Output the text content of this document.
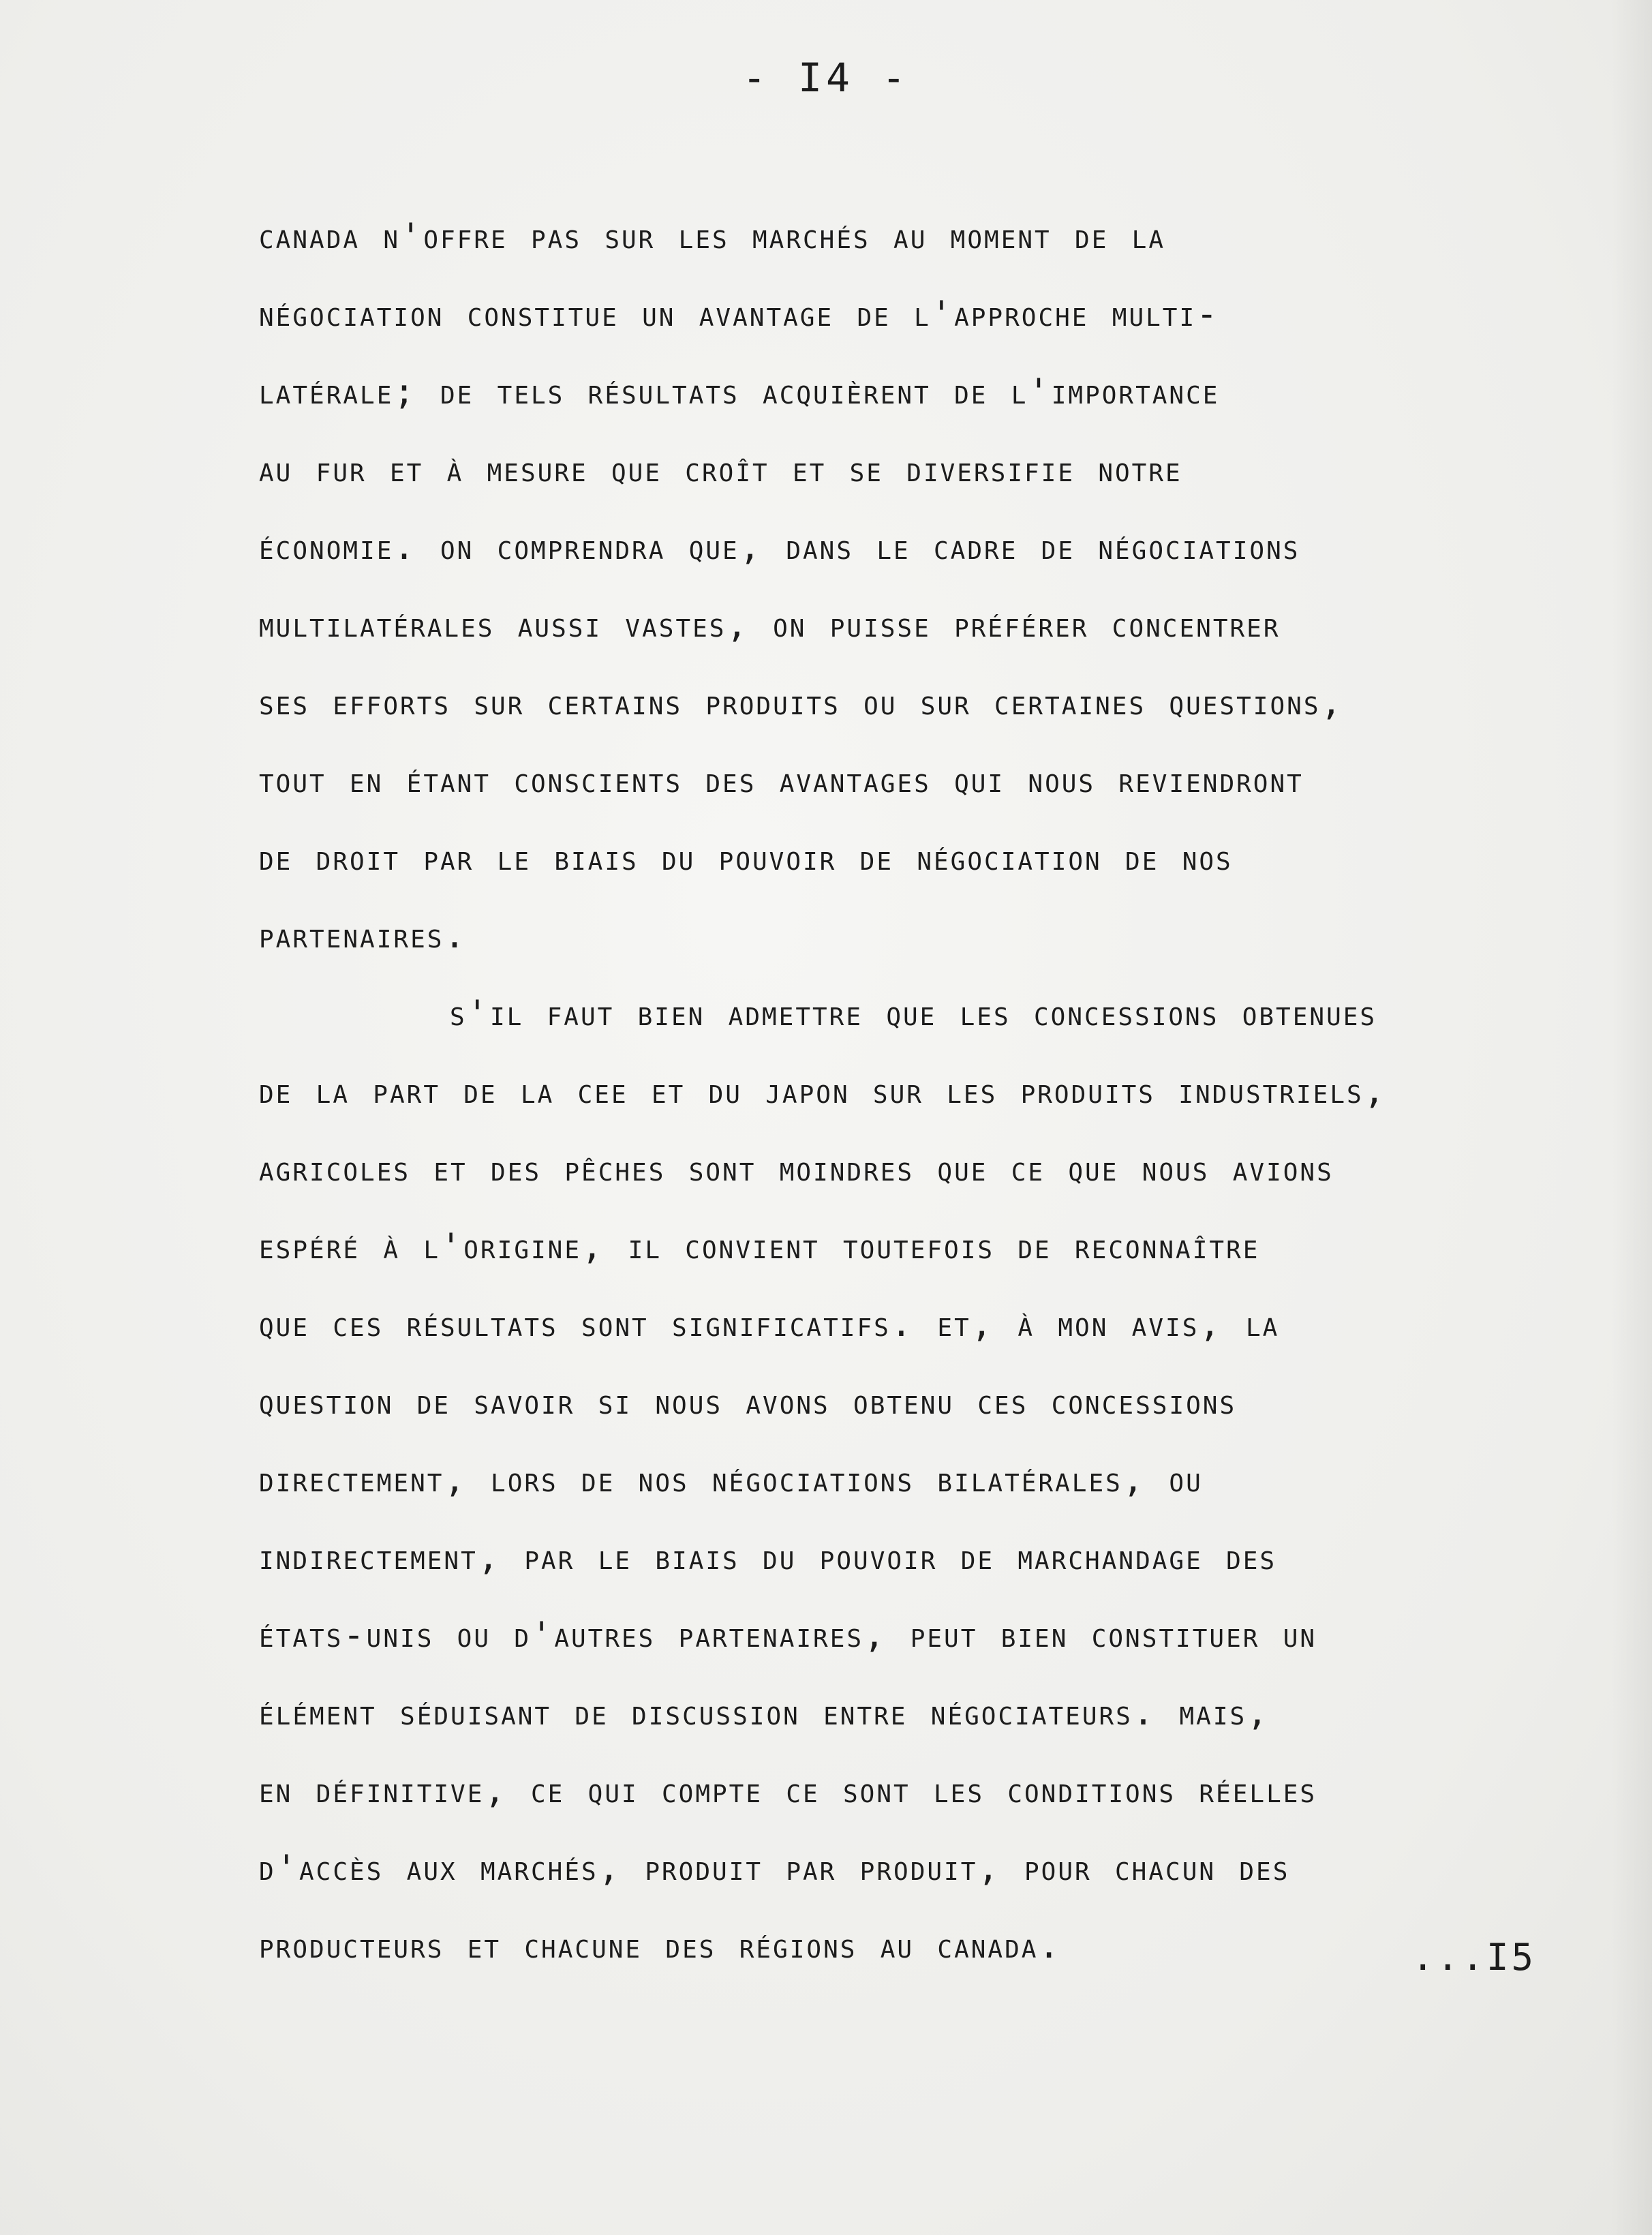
- I4 -
canada n'offre pas sur les marchés au moment de la
négociation constitue un avantage de l'approche multi-
latérale; de tels résultats acquièrent de l'importance
au fur et à mesure que croît et se diversifie notre
économie. on comprendra que, dans le cadre de négociations
multilatérales aussi vastes, on puisse préférer concentrer
ses efforts sur certains produits ou sur certaines questions,
tout en étant conscients des avantages qui nous reviendront
de droit par le biais du pouvoir de négociation de nos
partenaires.
s'il faut bien admettre que les concessions obtenues
de la part de la cee et du japon sur les produits industriels,
agricoles et des pêches sont moindres que ce que nous avions
espéré à l'origine, il convient toutefois de reconnaître
que ces résultats sont significatifs. et, à mon avis, la
question de savoir si nous avons obtenu ces concessions
directement, lors de nos négociations bilatérales, ou
indirectement, par le biais du pouvoir de marchandage des
états-unis ou d'autres partenaires, peut bien constituer un
élément séduisant de discussion entre négociateurs. mais,
en définitive, ce qui compte ce sont les conditions réelles
d'accès aux marchés, produit par produit, pour chacun des
producteurs et chacune des régions au canada.	...I5
